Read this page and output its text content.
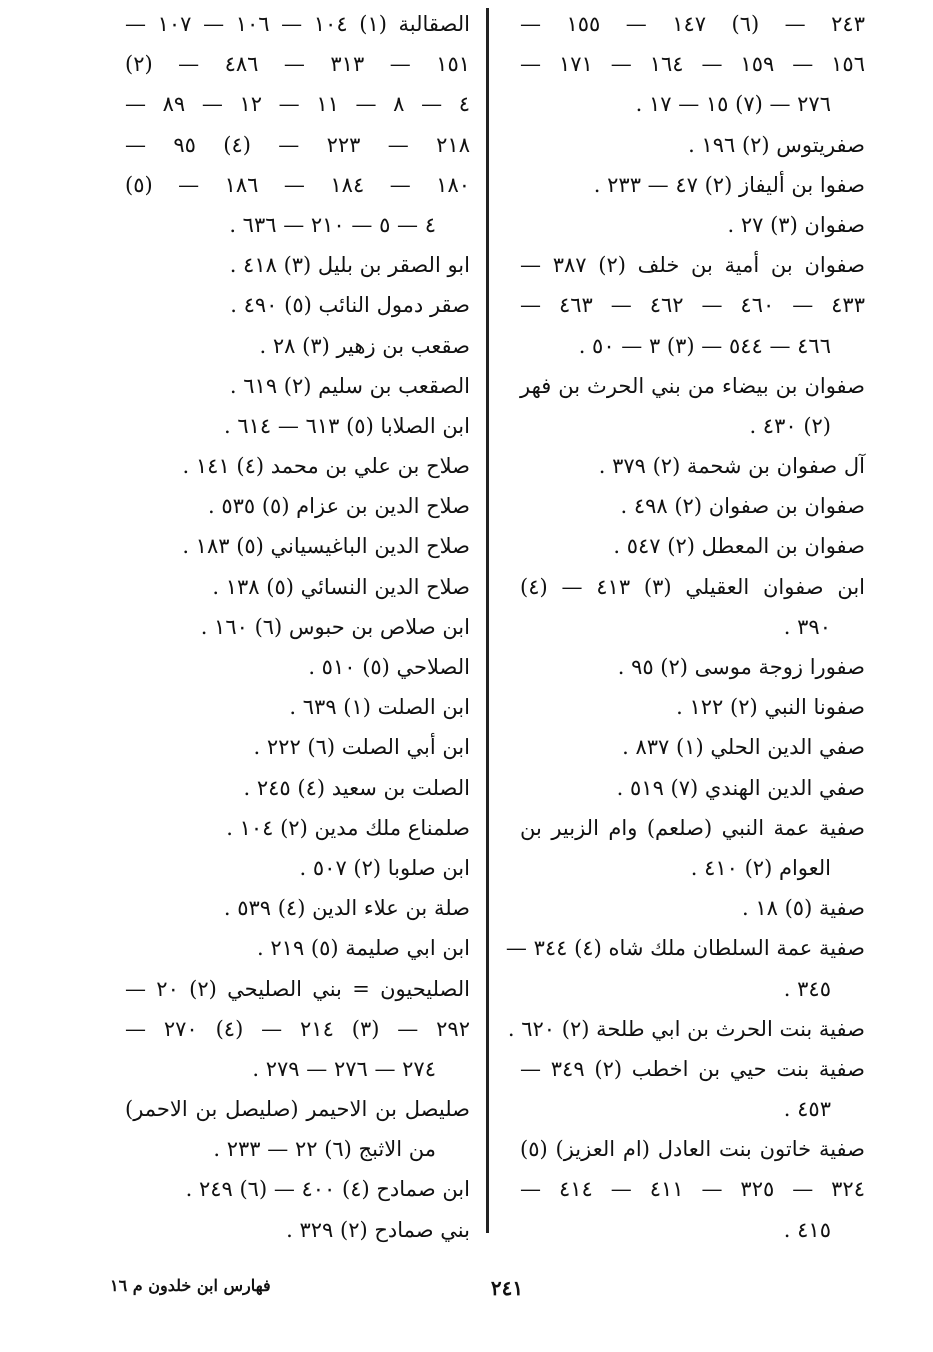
٢٤٣ — (٦) ١٤٧ — ١٥٥ —
١٥٦ — ١٥٩ — ١٦٤ — ١٧١ —
٢٧٦ — (٧) ١٥ — ١٧ .
صفريتوس (٢) ١٩٦ .
صفوا بن أليفاز (٢) ٤٧ — ٢٣٣ .
صفوان (٣) ٢٧ .
صفوان بن أمية بن خلف (٢) ٣٨٧ —
٤٣٣ — ٤٦٠ — ٤٦٢ — ٤٦٣ —
٤٦٦ — ٥٤٤ — (٣) ٣ — ٥٠ .
صفوان بن بيضاء من بني الحرث بن فهر
(٢) ٤٣٠ .
آل صفوان بن شحمة (٢) ٣٧٩ .
صفوان بن صفوان (٢) ٤٩٨ .
صفوان بن المعطل (٢) ٥٤٧ .
ابن صفوان العقيلي (٣) ٤١٣ — (٤)
٣٩٠ .
صفورا زوجة موسى (٢) ٩٥ .
صفونا النبي (٢) ١٢٢ .
صفي الدين الحلي (١) ٨٣٧ .
صفي الدين الهندي (٧) ٥١٩ .
صفية عمة النبي (صلعم) وام الزبير بن
العوام (٢) ٤١٠ .
صفية (٥) ١٨ .
صفية عمة السلطان ملك شاه (٤) ٣٤٤ —
٣٤٥ .
صفية بنت الحرث بن ابي طلحة (٢) ٦٢٠ .
صفية بنت حيي بن اخطب (٢) ٣٤٩ —
٤٥٣ .
صفية خاتون بنت العادل (ام العزيز) (٥)
٣٢٤ — ٣٢٥ — ٤١١ — ٤١٤ —
٤١٥ .
الصقالبة (١) ١٠٤ — ١٠٦ — ١٠٧ —
١٥١ — ٣١٣ — ٤٨٦ — (٢)
٤ — ٨ — ١١ — ١٢ — ٨٩ —
٢١٨ — ٢٢٣ — (٤) ٩٥ —
١٨٠ — ١٨٤ — ١٨٦ — (٥)
٤ — ٥ — ٢١٠ — ٦٣٦ .
ابو الصقر بن بليل (٣) ٤١٨ .
صقر دمول النائب (٥) ٤٩٠ .
صقعب بن زهير (٣) ٢٨ .
الصقعب بن سليم (٢) ٦١٩ .
ابن الصلابا (٥) ٦١٣ — ٦١٤ .
صلاح بن علي بن محمد (٤) ١٤١ .
صلاح الدين بن عزام (٥) ٥٣٥ .
صلاح الدين الباغيسياني (٥) ١٨٣ .
صلاح الدين النسائي (٥) ١٣٨ .
ابن صلاص بن حبوس (٦) ١٦٠ .
الصلاحي (٥) ٥١٠ .
ابن الصلت (١) ٦٣٩ .
ابن أبي الصلت (٦) ٢٢٢ .
الصلت بن سعيد (٤) ٢٤٥ .
صلمناع ملك مدين (٢) ١٠٤ .
ابن صلوبا (٢) ٥٠٧ .
صلة بن علاء الدين (٤) ٥٣٩ .
ابن ابي صليمة (٥) ٢١٩ .
الصليحيون = بني الصليحي (٢) ٢٠ —
٢٩٢ — (٣) ٢١٤ — (٤) ٢٧٠ —
٢٧٤ — ٢٧٦ — ٢٧٩ .
صليصل بن الاحيمر (صليصل بن الاحمر)
من الاثبج (٦) ٢٢ — ٢٣٣ .
ابن صمادح (٤) ٤٠٠ — (٦) ٢٤٩ .
بني صمادح (٢) ٣٢٩ .
٢٤١
فهارس ابن خلدون م ١٦
